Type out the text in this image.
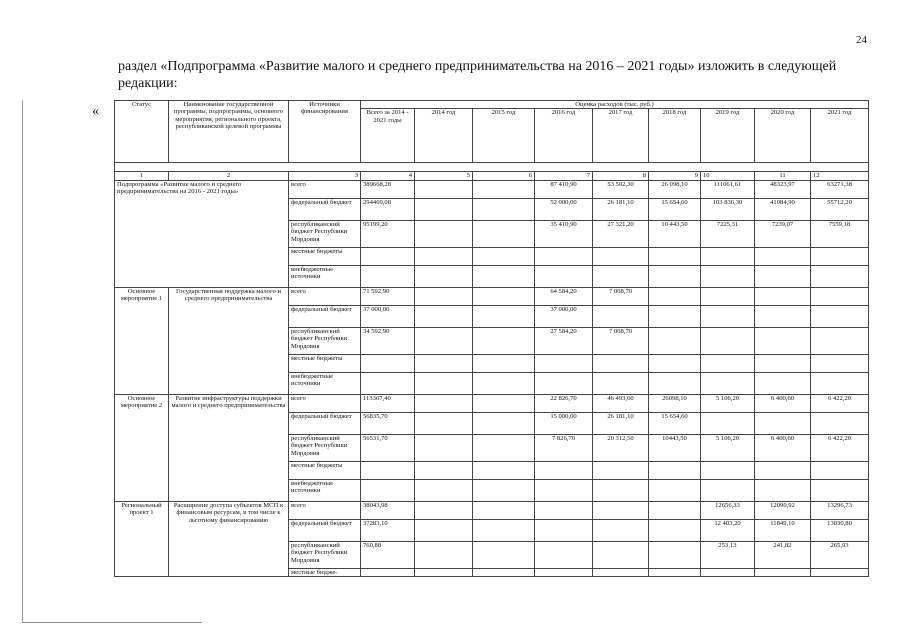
24
раздел «Подпрограмма «Развитие малого и среднего предпринимательства на 2016 – 2021 годы» изложить в следующей редакции:
«	Статус	Наименование государственной программы, подпрограммы, основного мероприятия, регионального проекта, республиканской целевой программы	Источники финансирования	Оценка расходов (тыс. руб.)								
			Всего за 2014 - 2021 годы	2014 год	2015 год	2016 год	2017 год	2018 год	2019 год	2020 год	2021 год

1	2	3	4	5	6	7	8	9	10	11	12
Подпрограмма «Развитие малого и среднего предпринимательства на 2016 - 2021 годы»		всего	389668,28			87 410,90	53 502,30	26 098,10	111061,61	48323,97	63271,38
		федеральный бюджет	294469,08			52 000,00	26 181,10	15 654,60	103 836,30	41084,90	55712,20
		республиканский бюджет Республики Мордовия	95199,20			35 410,90	27 321,20	10 443,50	7225,31	7239,07	7559,18
		местные бюджеты									
		внебюджетные источники									
Основное мероприятие 1	Государственная поддержка малого и среднего предпринимательства	всего	71 592,90			64 584,20	7 008,70				
		федеральный бюджет	37 000,00			37 000,00					
		республиканский бюджет Республики Мордовия	34 592,90			27 584,20	7 008,70				
		местные бюджеты									
		внебюджетные источники									
Основное мероприятие 2	Развитие инфраструктуры поддержки малого и среднего предпринимательства	всего	113367,40			22 826,70	46 493,60	26098,10	5 106,20	6 400,60	6 422,20
		федеральный бюджет	56835,70			15 000,00	26 181,10	15 654,60			
		республиканский бюджет Республики Мордовия	56531,70			7 826,70	20 312,50	10443,50	5 106,20	6 400,60	6 422,20
		местные бюджеты									
		внебюджетные источники									
Региональный проект 1	Расширение доступа субъектов МСП к финансовым ресурсам, в том числе к льготному финансированию	всего	38043,98						12656,33	12090,92	13296,73
		федеральный бюджет	37283,10						12 403,20	11849,10	13030,80
		республиканский бюджет Республики Мордовия	760,88						253,13	241,82	265,93
		местные бюдже-									
